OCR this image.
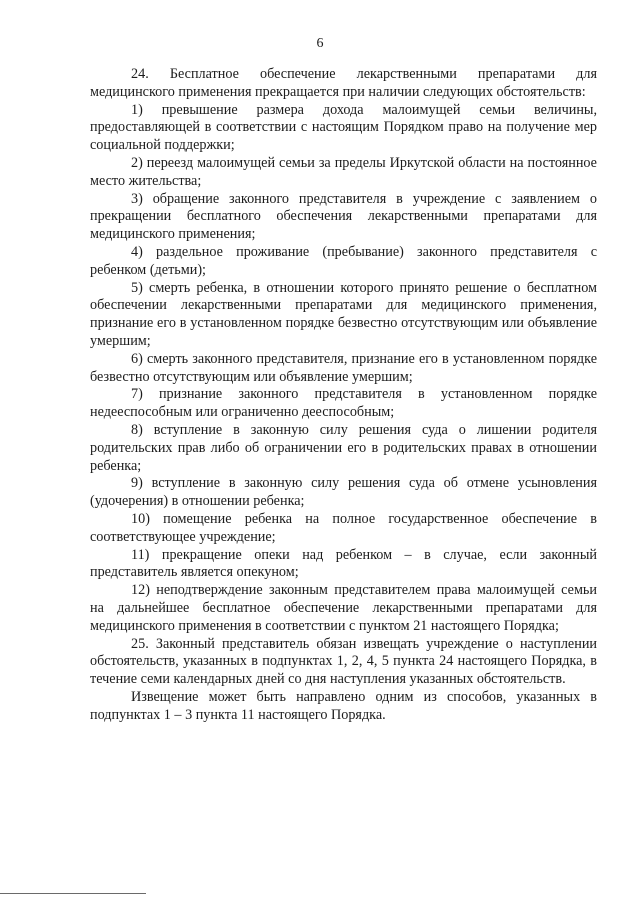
6

24. Бесплатное обеспечение лекарственными препаратами для медицинского применения прекращается при наличии следующих обстоятельств:

1) превышение размера дохода малоимущей семьи величины, предоставляющей в соответствии с настоящим Порядком право на получение мер социальной поддержки;

2) переезд малоимущей семьи за пределы Иркутской области на постоянное место жительства;

3) обращение законного представителя в учреждение с заявлением о прекращении бесплатного обеспечения лекарственными препаратами для медицинского применения;

4) раздельное проживание (пребывание) законного представителя с ребенком (детьми);

5) смерть ребенка, в отношении которого принято решение о бесплатном обеспечении лекарственными препаратами для медицинского применения, признание его в установленном порядке безвестно отсутствующим или объявление умершим;

6) смерть законного представителя, признание его в установленном порядке безвестно отсутствующим или объявление умершим;

7) признание законного представителя в установленном порядке недееспособным или ограниченно дееспособным;

8) вступление в законную силу решения суда о лишении родителя родительских прав либо об ограничении его в родительских правах в отношении ребенка;

9) вступление в законную силу решения суда об отмене усыновления (удочерения) в отношении ребенка;

10) помещение ребенка на полное государственное обеспечение в соответствующее учреждение;

11) прекращение опеки над ребенком – в случае, если законный представитель является опекуном;

12) неподтверждение законным представителем права малоимущей семьи на дальнейшее бесплатное обеспечение лекарственными препаратами для медицинского применения в соответствии с пунктом 21 настоящего Порядка;

25. Законный представитель обязан извещать учреждение о наступлении обстоятельств, указанных в подпунктах 1, 2, 4, 5 пункта 24 настоящего Порядка, в течение семи календарных дней со дня наступления указанных обстоятельств.

Извещение может быть направлено одним из способов, указанных в подпунктах 1 – 3 пункта 11 настоящего Порядка.
